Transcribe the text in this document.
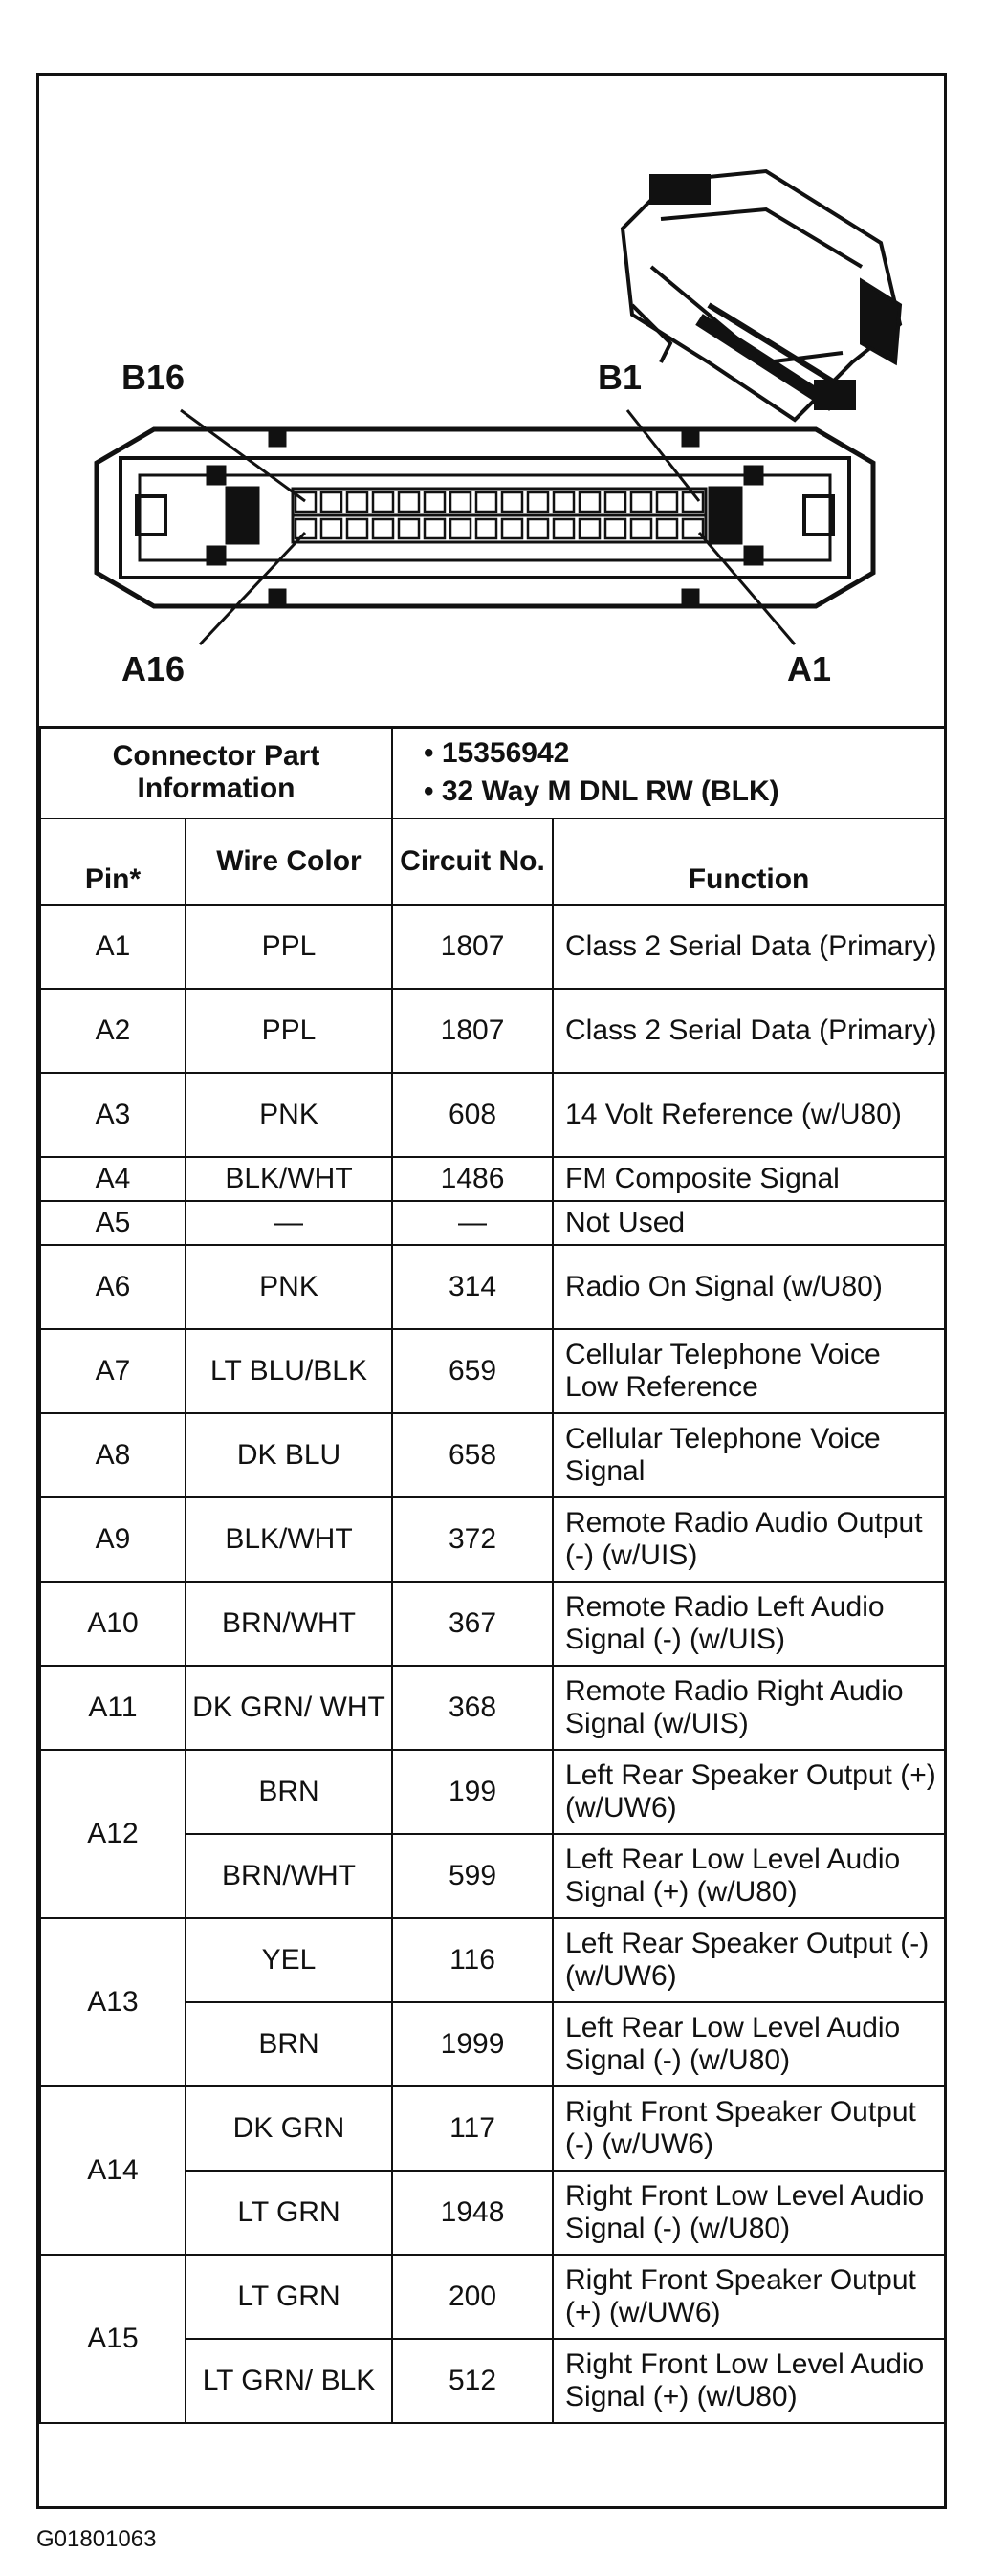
B16	B1
A16	A1
Connector Part Information		• 15356942
• 32 Way M DNL RW (BLK)	

Pin*	Wire Color	Circuit No.	Function
A1	PPL	1807	Class 2 Serial Data (Primary)
A2	PPL	1807	Class 2 Serial Data (Primary)
A3	PNK	608	14 Volt Reference (w/U80)
A4	BLK/WHT	1486	FM Composite Signal
A5	—	—	Not Used
A6	PNK	314	Radio On Signal (w/U80)
A7	LT BLU/BLK	659	Cellular Telephone Voice Low Reference
A8	DK BLU	658	Cellular Telephone Voice Signal
A9	BLK/WHT	372	Remote Radio Audio Output (-) (w/UIS)
A10	BRN/WHT	367	Remote Radio Left Audio Signal (-) (w/UIS)
A11	DK GRN/ WHT	368	Remote Radio Right Audio Signal (w/UIS)
A12	BRN	199	Left Rear Speaker Output (+) (w/UW6)
	BRN/WHT	599	Left Rear Low Level Audio Signal (+) (w/U80)
A13	YEL	116	Left Rear Speaker Output (-) (w/UW6)
	BRN	1999	Left Rear Low Level Audio Signal (-) (w/U80)
A14	DK GRN	117	Right Front Speaker Output (-) (w/UW6)
	LT GRN	1948	Right Front Low Level Audio Signal (-) (w/U80)
A15	LT GRN	200	Right Front Speaker Output (+) (w/UW6)
	LT GRN/ BLK	512	Right Front Low Level Audio Signal (+) (w/U80)
G01801063
